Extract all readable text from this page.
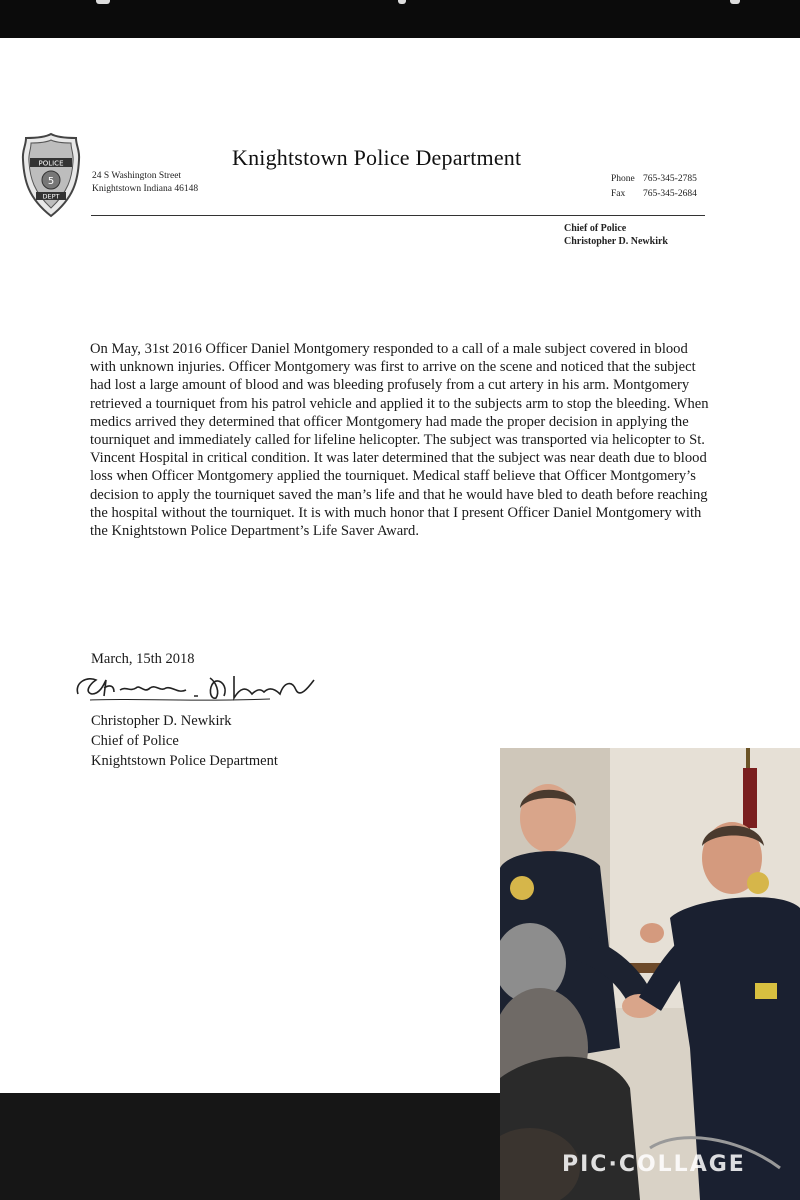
POLICE
5
DEPT
24 S Washington Street
Knightstown Indiana 46148
Knightstown Police Department
Phone 765-345-2785
Fax 765-345-2684
Chief of Police
Christopher D. Newkirk
On May, 31st 2016 Officer Daniel Montgomery responded to a call of a male subject covered in blood with unknown injuries. Officer Montgomery was first to arrive on the scene and noticed that the subject had lost a large amount of blood and was bleeding profusely from a cut artery in his arm. Montgomery retrieved a tourniquet from his patrol vehicle and applied it to the subjects arm to stop the bleeding. When medics arrived they determined that officer Montgomery had made the proper decision in applying the tourniquet and immediately called for lifeline helicopter. The subject was transported via helicopter to St. Vincent Hospital in critical condition. It was later determined that the subject was near death due to blood loss when Officer Montgomery applied the tourniquet. Medical staff believe that Officer Montgomery’s decision to apply the tourniquet saved the man’s life and that he would have bled to death before reaching the hospital without the tourniquet. It is with much honor that I present Officer Daniel Montgomery with the Knightstown Police Department’s Life Saver Award.
March, 15th 2018
Christopher D. Newkirk
Chief of Police
Knightstown Police Department
PIC·COLLAGE
